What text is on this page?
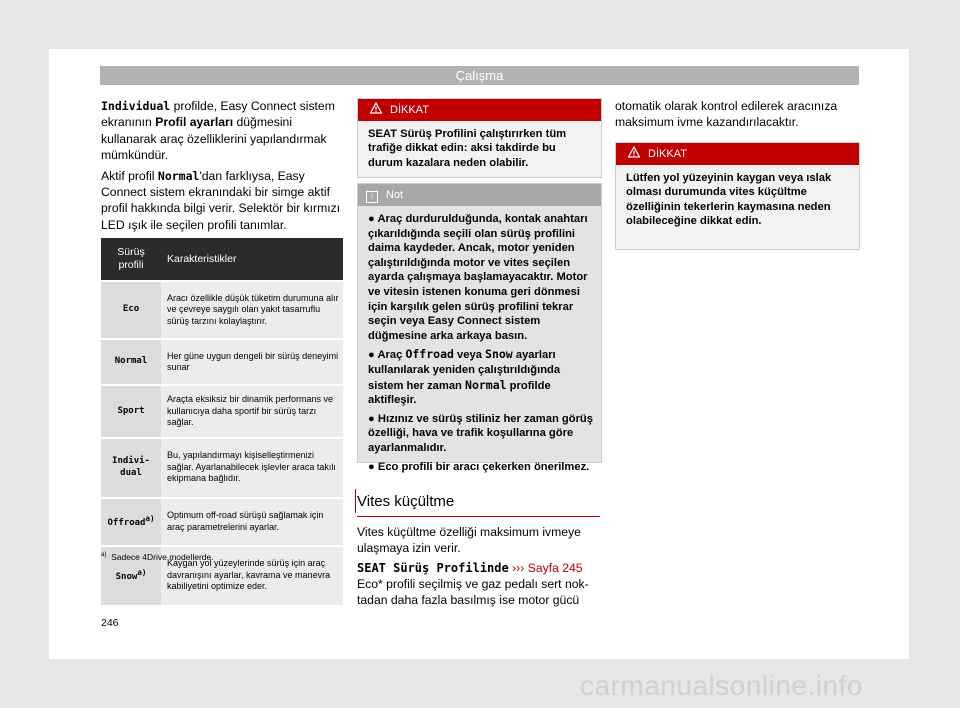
Çalışma

Individual profilde, Easy Connect sistem ekranının Profil ayarları düğmesini kullanarak araç özelliklerini yapılandırmak mümkündür.

Aktif profil Normal'dan farklıysa, Easy Connect sistem ekranındaki bir simge aktif profil hakkında bilgi verir. Selektör bir kırmızı LED ışık ile seçilen profili tanımlar.

Sürüş profili	Karakteristikler
Eco	Aracı özellikle düşük tüketim durumuna alır ve çevreye saygılı olan yakıt tasarruflu sürüş tarzını kolaylaştırır.
Normal	Her güne uygun dengeli bir sürüş deneyimi sunar
Sport	Araçta eksiksiz bir dinamik performans ve kullanıcıya daha sportif bir sürüş tarzı sağlar.
Indivi-dual	Bu, yapılandırmayı kişiselleştirmenizi sağlar. Ayarlanabilecek işlevler araca takılı ekipmana bağlıdır.
Offroad$^{a)}$	Optimum off-road sürüşü sağlamak için araç parametrelerini ayarlar.
Snow$^{a)}$	Kaygan yol yüzeylerinde sürüş için araç davranışını ayarlar, kavrama ve manevra kabiliyetini optimize eder.
$^{a)}$ Sadece 4Drive modellerde.
DİKKAT
SEAT Sürüş Profilini çalıştırırken tüm trafiğe dikkat edin: aksi takdirde bu durum kazalara neden olabilir.
i Not

● Araç durdurulduğunda, kontak anahtarı çıkarıldığında seçili olan sürüş profilini daima kaydeder. Ancak, motor yeniden çalıştırıldığında motor ve vites seçilen ayarda çalışmaya başlamayacaktır. Motor ve vitesin istenen konuma geri dönmesi için karşılık gelen sürüş profilini tekrar seçin veya Easy Connect sistem düğmesine arka arkaya basın.

● Araç Offroad veya Snow ayarları kullanılarak yeniden çalıştırıldığında sistem her zaman Normal profilde aktifleşir.

● Hızınız ve sürüş stiliniz her zaman görüş özelliği, hava ve trafik koşullarına göre ayarlanmalıdır.

● Eco profili bir aracı çekerken önerilmez.

Vites küçültme

Vites küçültme özelliği maksimum ivmeye ulaşmaya izin verir.

SEAT Sürüş Profilinde ››› Sayfa 245

Eco* profili seçilmiş ve gaz pedalı sert nok- tadan daha fazla basılmış ise motor gücü

otomatik olarak kontrol edilerek aracınıza maksimum ivme kazandırılacaktır.
DİKKAT
Lütfen yol yüzeyinin kaygan veya ıslak olması durumunda vites küçültme özelliğinin tekerlerin kaymasına neden olabileceğine dikkat edin.
246
carmanualsonline.info
